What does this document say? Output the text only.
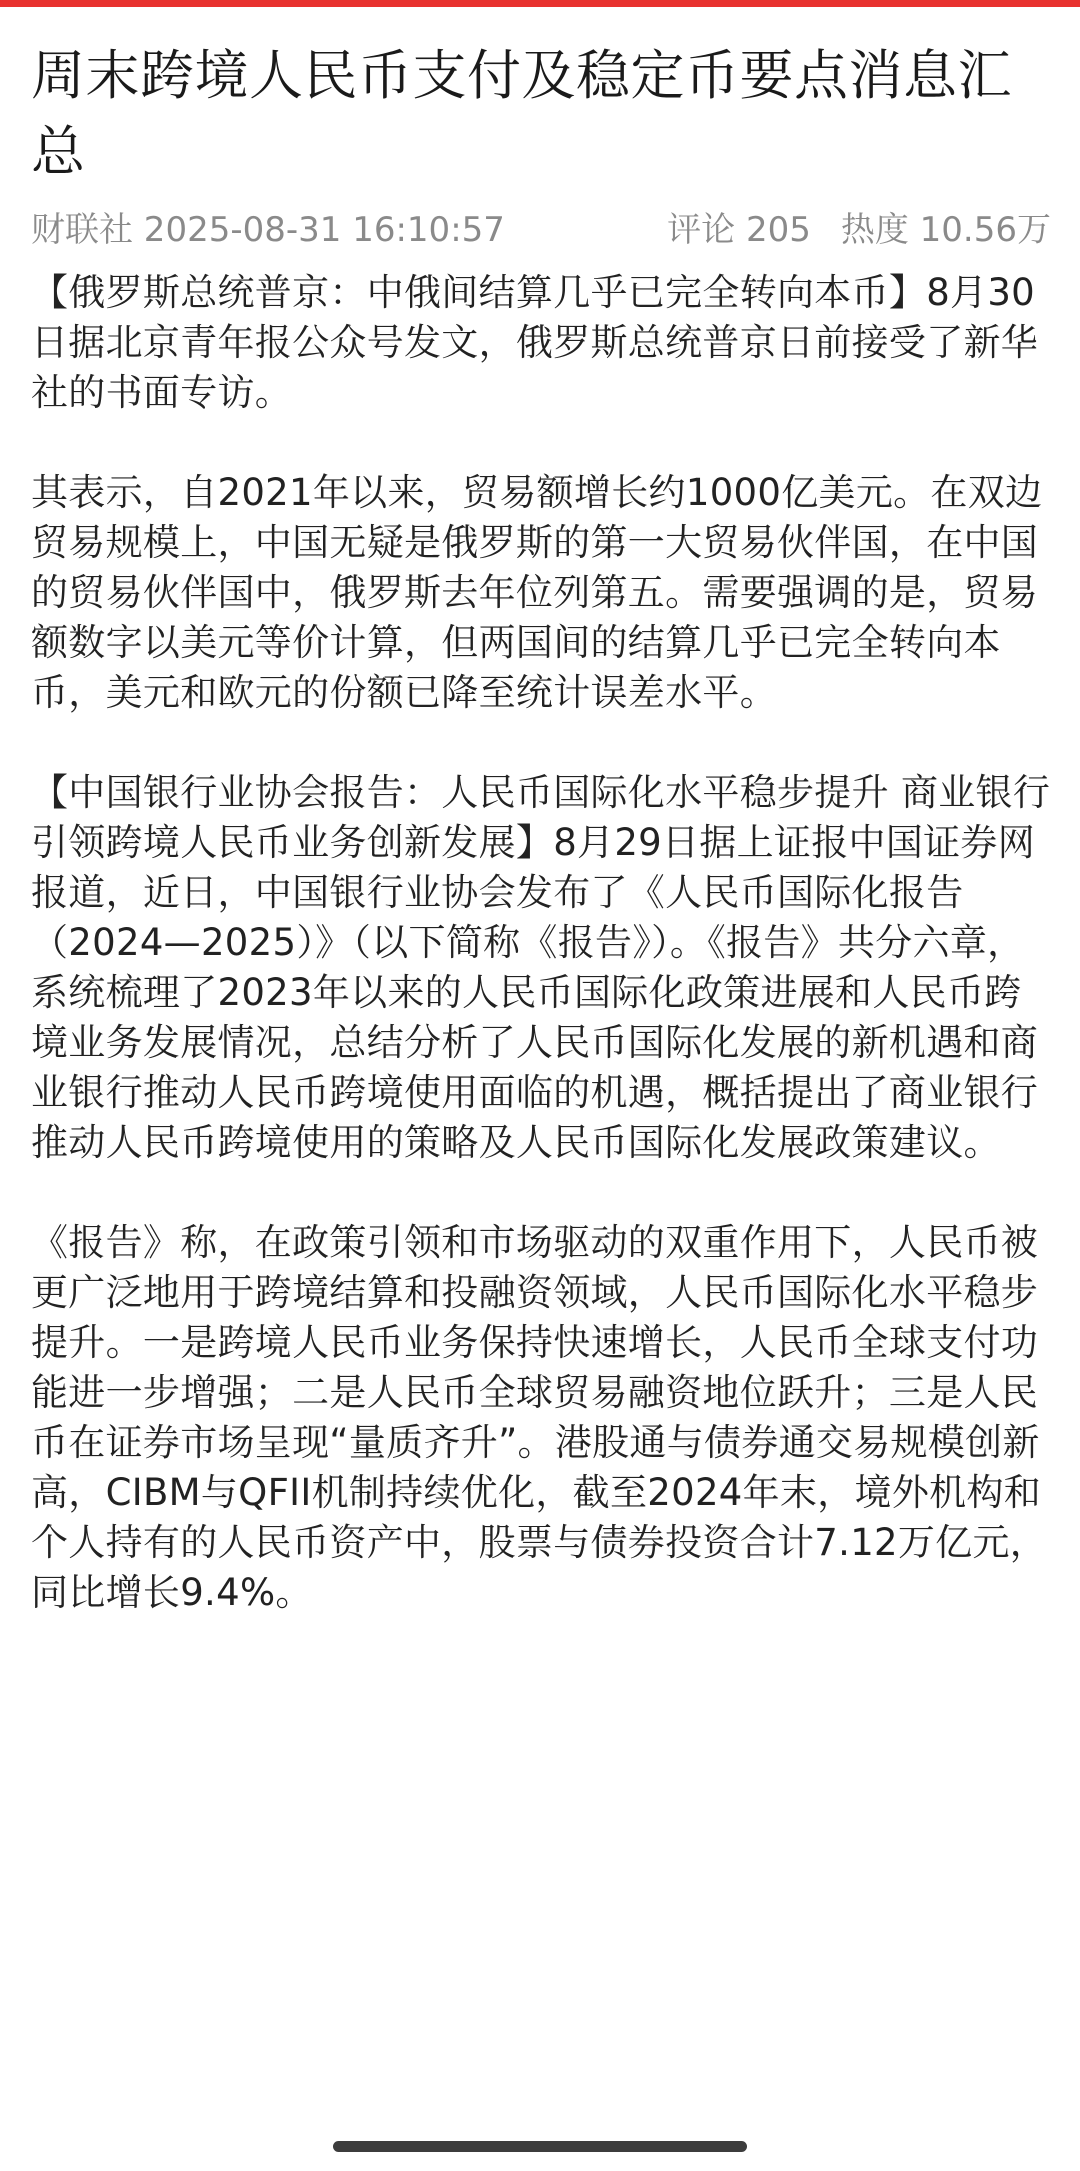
周末跨境人民币支付及稳定币要点消息汇总
财联社 2025-08-31 16:10:57	评论 205 热度 10.56万

【俄罗斯总统普京：中俄间结算几乎已完全转向本币】8月30日据北京青年报公众号发文，俄罗斯总统普京日前接受了新华社的书面专访。

其表示，自2021年以来，贸易额增长约1000亿美元。在双边贸易规模上，中国无疑是俄罗斯的第一大贸易伙伴国，在中国的贸易伙伴国中，俄罗斯去年位列第五。需要强调的是，贸易额数字以美元等价计算，但两国间的结算几乎已完全转向本币，美元和欧元的份额已降至统计误差水平。

【中国银行业协会报告：人民币国际化水平稳步提升 商业银行引领跨境人民币业务创新发展】8月29日据上证报中国证券网报道，近日，中国银行业协会发布了《人民币国际化报告（2024—2025）》（以下简称《报告》）。《报告》共分六章，系统梳理了2023年以来的人民币国际化政策进展和人民币跨境业务发展情况，总结分析了人民币国际化发展的新机遇和商业银行推动人民币跨境使用面临的机遇，概括提出了商业银行推动人民币跨境使用的策略及人民币国际化发展政策建议。

《报告》称，在政策引领和市场驱动的双重作用下，人民币被更广泛地用于跨境结算和投融资领域，人民币国际化水平稳步提升。一是跨境人民币业务保持快速增长，人民币全球支付功能进一步增强；二是人民币全球贸易融资地位跃升；三是人民币在证券市场呈现“量质齐升”。港股通与债券通交易规模创新高，CIBM与QFII机制持续优化，截至2024年末，境外机构和个人持有的人民币资产中，股票与债券投资合计7.12万亿元，同比增长9.4%。
